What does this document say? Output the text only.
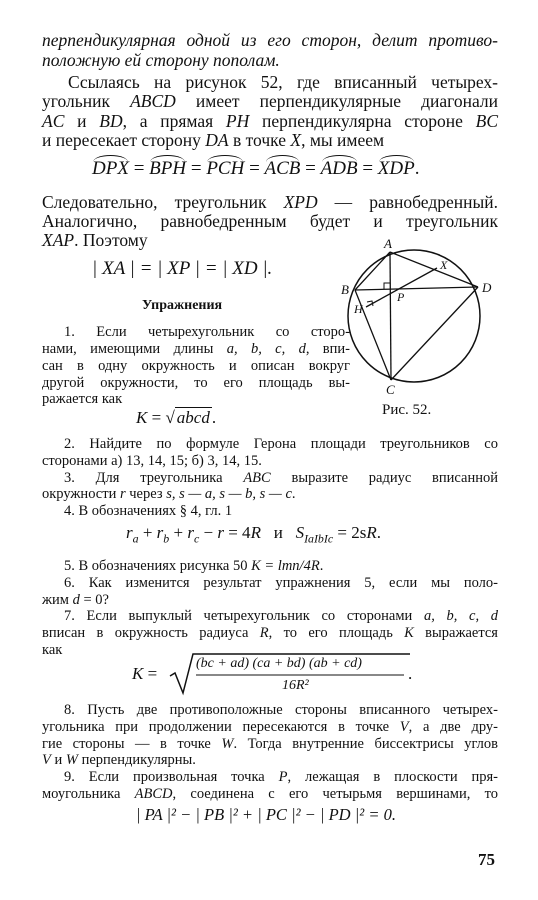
перпендикулярная одной из его сторон, делит противо-
положную ей сторону пополам.
Ссылаясь на рисунок 52, где вписанный четырех-
угольник ABCD имеет перпендикулярные диагонали
AC и BD, а прямая PH перпендикулярна стороне BC
и пересекает сторону DA в точке X, мы имеем
DPX = BPH = PCH = ACB = ADB = XDP.
Следовательно, треугольник XPD — равнобедренный.
Аналогично, равнобедренным будет и треугольник
XAP. Поэтому
| XA | = | XP | = | XD |.
Упражнения
1. Если четырехугольник со сторо-
нами, имеющими длины a, b, c, d, впи-
сан в одну окружность и описан вокруг
другой окружности, то его площадь вы-
ражается как
K = √ abcd .
A
B
C
D
P
H
X
Рис. 52.
2. Найдите по формуле Герона площади треугольников со
сторонами а) 13, 14, 15; б) 3, 14, 15.
3. Для треугольника ABC выразите радиус вписанной
окружности r через s, s — a, s — b, s — c.
4. В обозначениях § 4, гл. 1
$r_a + r_b + r_c - r = 4R$   и   $S_{IaIbIc} = 2sR$.
5. В обозначениях рисунка 50 K = lmn/4R.
6. Как изменится результат упражнения 5, если мы поло-
жим d = 0?
7. Если выпуклый четырехугольник со сторонами a, b, c, d
вписан в окружность радиуса R, то его площадь K выражается
как
K =
(bc + ad) (ca + bd) (ab + cd)
16R²
.
8. Пусть две противоположные стороны вписанного четырех-
угольника при продолжении пересекаются в точке V, а две дру-
гие стороны — в точке W. Тогда внутренние биссектрисы углов
V и W перпендикулярны.
9. Если произвольная точка P, лежащая в плоскости пря-
моугольника ABCD, соединена с его четырьмя вершинами, то
| PA |² − | PB |² + | PC |² − | PD |² = 0.
75
